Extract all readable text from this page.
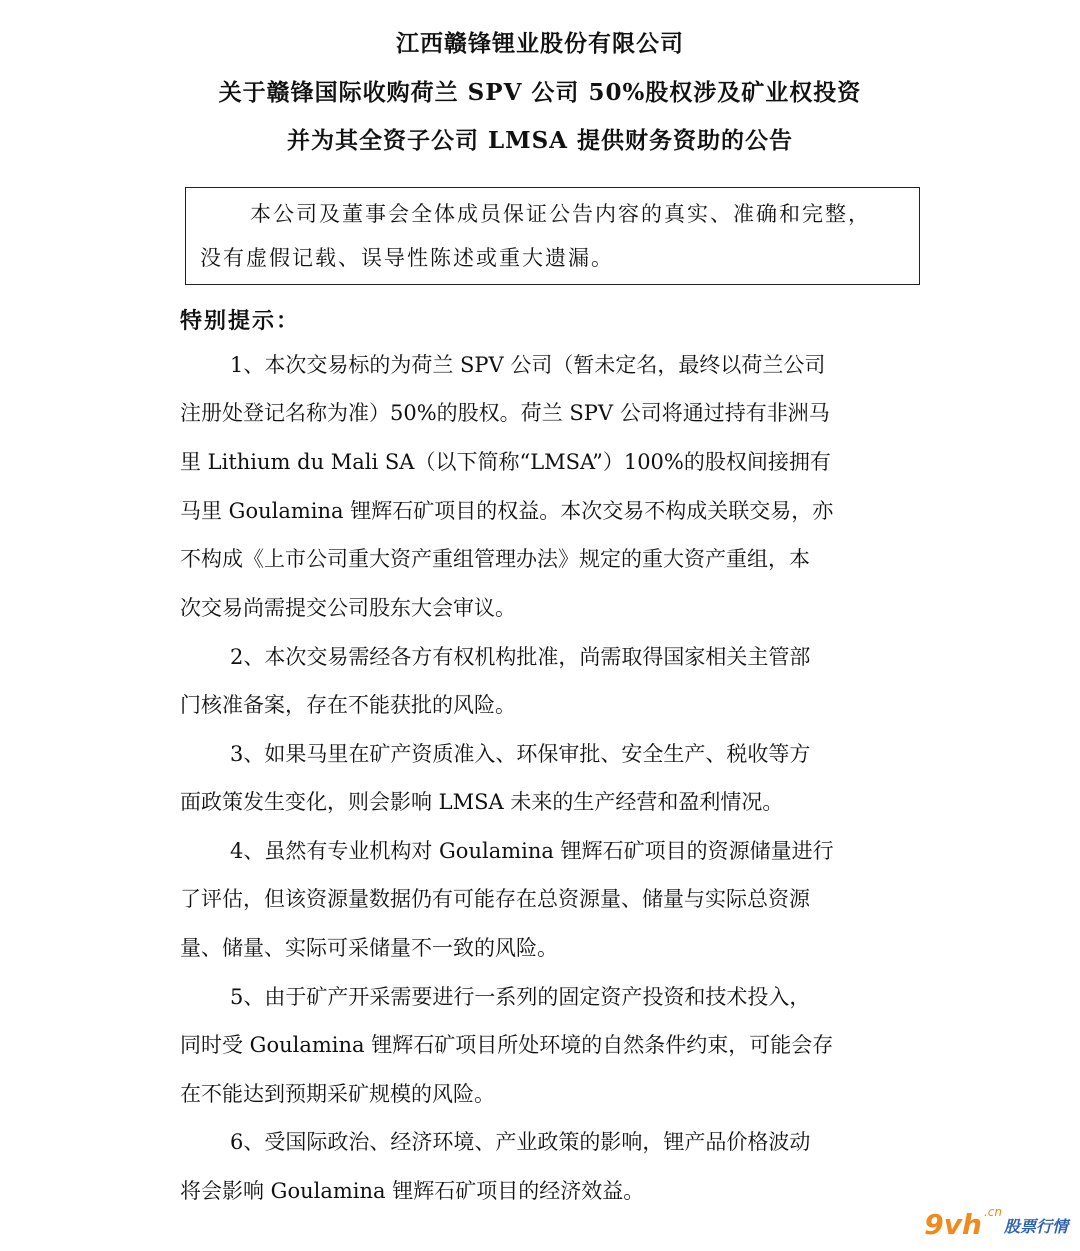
江西赣锋锂业股份有限公司
关于赣锋国际收购荷兰 SPV 公司 50%股权涉及矿业权投资
并为其全资子公司 LMSA 提供财务资助的公告
本公司及董事会全体成员保证公告内容的真实、准确和完整，
没有虚假记载、误导性陈述或重大遗漏。
特别提示：
1、本次交易标的为荷兰 SPV 公司（暂未定名，最终以荷兰公司
注册处登记名称为准）50%的股权。荷兰 SPV 公司将通过持有非洲马
里 Lithium du Mali SA（以下简称“LMSA”）100%的股权间接拥有
马里 Goulamina 锂辉石矿项目的权益。本次交易不构成关联交易，亦
不构成《上市公司重大资产重组管理办法》规定的重大资产重组，本
次交易尚需提交公司股东大会审议。
2、本次交易需经各方有权机构批准，尚需取得国家相关主管部
门核准备案，存在不能获批的风险。
3、如果马里在矿产资质准入、环保审批、安全生产、税收等方
面政策发生变化，则会影响 LMSA 未来的生产经营和盈利情况。
4、虽然有专业机构对 Goulamina 锂辉石矿项目的资源储量进行
了评估，但该资源量数据仍有可能存在总资源量、储量与实际总资源
量、储量、实际可采储量不一致的风险。
5、由于矿产开采需要进行一系列的固定资产投资和技术投入，
同时受 Goulamina 锂辉石矿项目所处环境的自然条件约束，可能会存
在不能达到预期采矿规模的风险。
6、受国际政治、经济环境、产业政策的影响，锂产品价格波动
将会影响 Goulamina 锂辉石矿项目的经济效益。
9vh .cn
股票行情
